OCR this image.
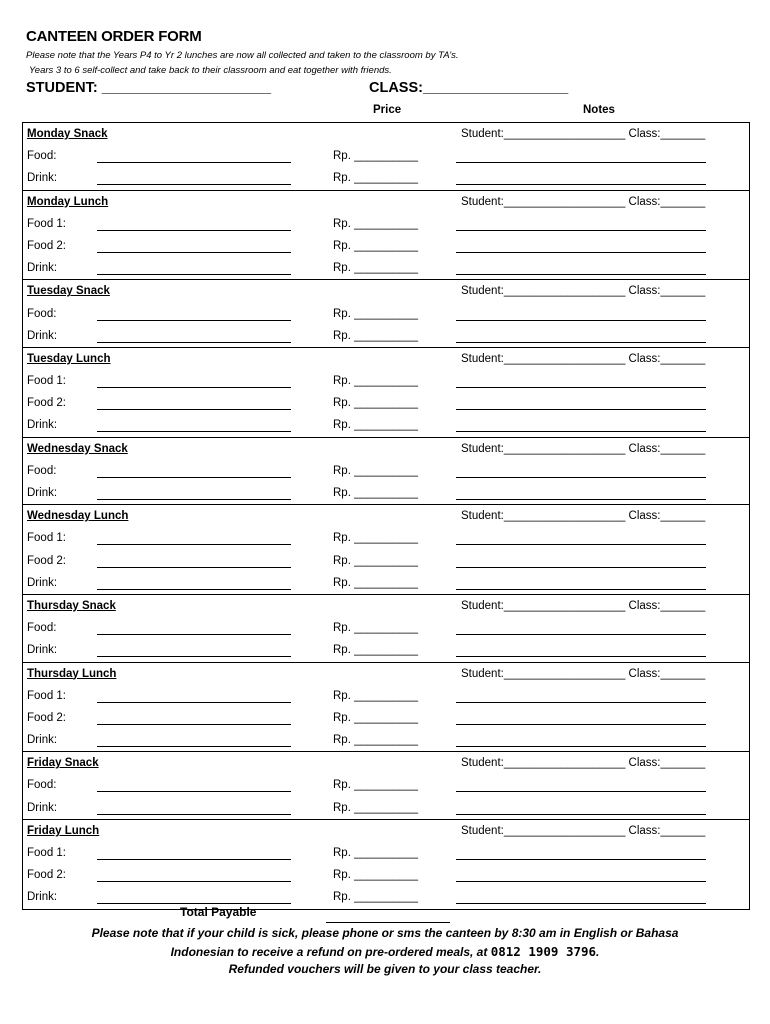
CANTEEN ORDER FORM
Please note that the Years P4 to Yr 2 lunches are now all collected and taken to the classroom by TA’s.
Years 3 to 6 self-collect and take back to their classroom and eat together with friends.
STUDENT: _____________________	CLASS:__________________
Price	Notes
Monday Snack	Student:___________________ Class:_______
Food:	Rp. __________
Drink:	Rp. __________
Monday Lunch	Student:___________________ Class:_______
Food 1:	Rp. __________
Food 2:	Rp. __________
Drink:	Rp. __________
Tuesday Snack	Student:___________________ Class:_______
Food:	Rp. __________
Drink:	Rp. __________
Tuesday Lunch	Student:___________________ Class:_______
Food 1:	Rp. __________
Food 2:	Rp. __________
Drink:	Rp. __________
Wednesday Snack	Student:___________________ Class:_______
Food:	Rp. __________
Drink:	Rp. __________
Wednesday Lunch	Student:___________________ Class:_______
Food 1:	Rp. __________
Food 2:	Rp. __________
Drink:	Rp. __________
Thursday Snack	Student:___________________ Class:_______
Food:	Rp. __________
Drink:	Rp. __________
Thursday Lunch	Student:___________________ Class:_______
Food 1:	Rp. __________
Food 2:	Rp. __________
Drink:	Rp. __________
Friday Snack	Student:___________________ Class:_______
Food:	Rp. __________
Drink:	Rp. __________
Friday Lunch	Student:___________________ Class:_______
Food 1:	Rp. __________
Food 2:	Rp. __________
Drink:	Rp. __________
Total Payable
Please note that if your child is sick, please phone or sms the canteen by 8:30 am in English or Bahasa
Indonesian to receive a refund on pre-ordered meals, at 0812 1909 3796.
Refunded vouchers will be given to your class teacher.
